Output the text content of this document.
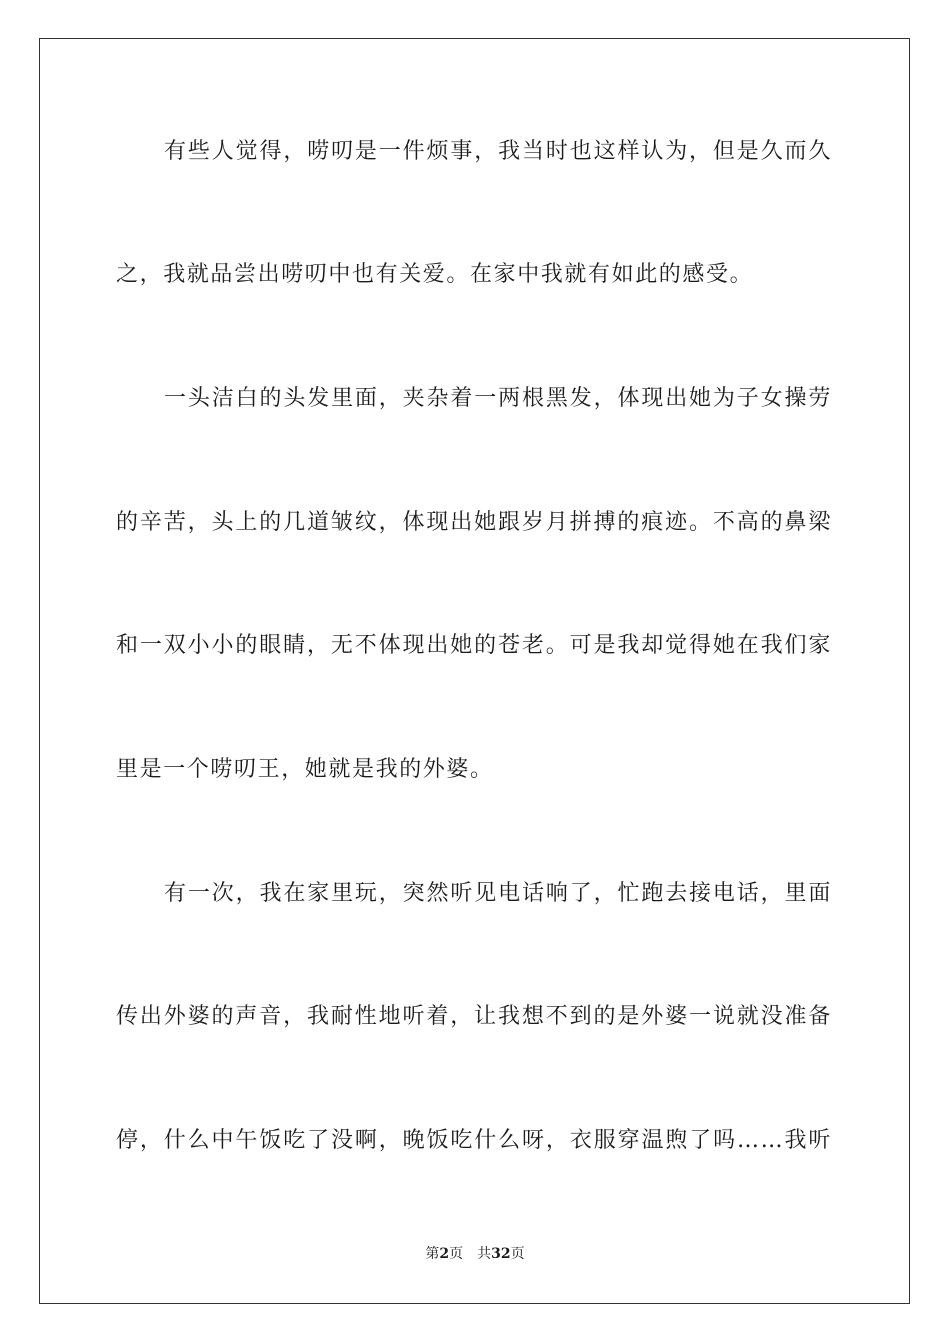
有些人觉得，唠叨是一件烦事，我当时也这样认为，但是久而久
之，我就品尝出唠叨中也有关爱。在家中我就有如此的感受。
一头洁白的头发里面，夹杂着一两根黑发，体现出她为子女操劳
的辛苦，头上的几道皱纹，体现出她跟岁月拼搏的痕迹。不高的鼻梁
和一双小小的眼睛，无不体现出她的苍老。可是我却觉得她在我们家
里是一个唠叨王，她就是我的外婆。
有一次，我在家里玩，突然听见电话响了，忙跑去接电话，里面
传出外婆的声音，我耐性地听着，让我想不到的是外婆一说就没准备
停，什么中午饭吃了没啊，晚饭吃什么呀，衣服穿温煦了吗……我听
第2页 共32页
